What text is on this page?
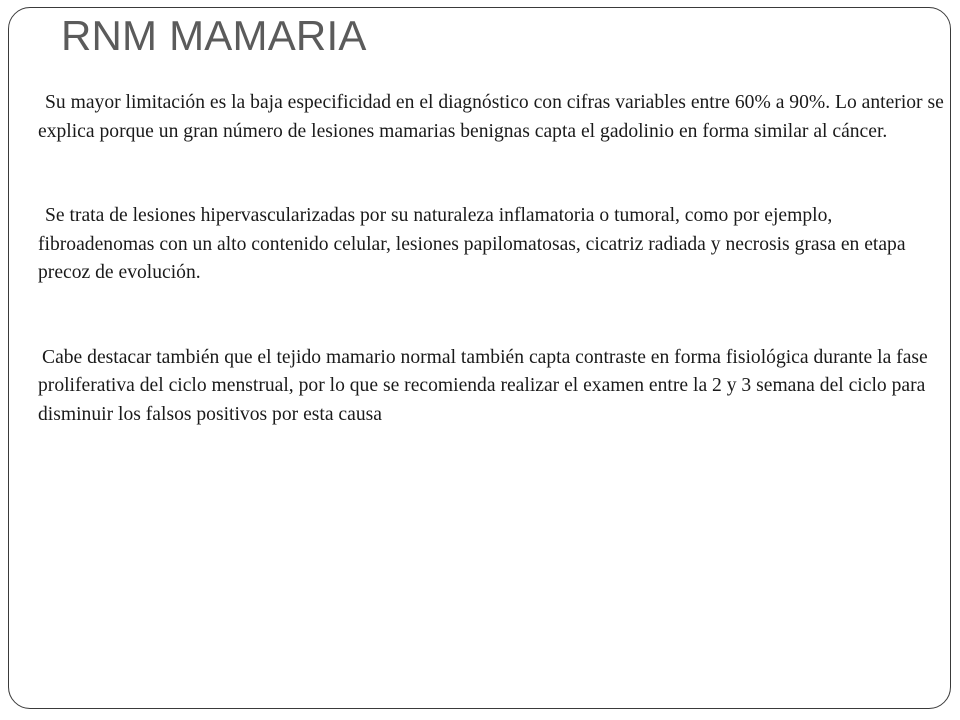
RNM MAMARIA

Su mayor limitación es la baja especificidad en el diagnóstico con cifras variables entre 60% a 90%. Lo anterior se explica porque un gran número de lesiones mamarias benignas capta el gadolinio en forma similar al cáncer.

Se trata de lesiones hipervascularizadas por su naturaleza inflamatoria o tumoral, como por ejemplo, fibroadenomas con un alto contenido celular, lesiones papilomatosas, cicatriz radiada y necrosis grasa en etapa precoz de evolución.

Cabe destacar también que el tejido mamario normal también capta contraste en forma fisiológica durante la fase proliferativa del ciclo menstrual, por lo que se recomienda realizar el examen entre la 2 y 3 semana del ciclo para disminuir los falsos positivos por esta causa
